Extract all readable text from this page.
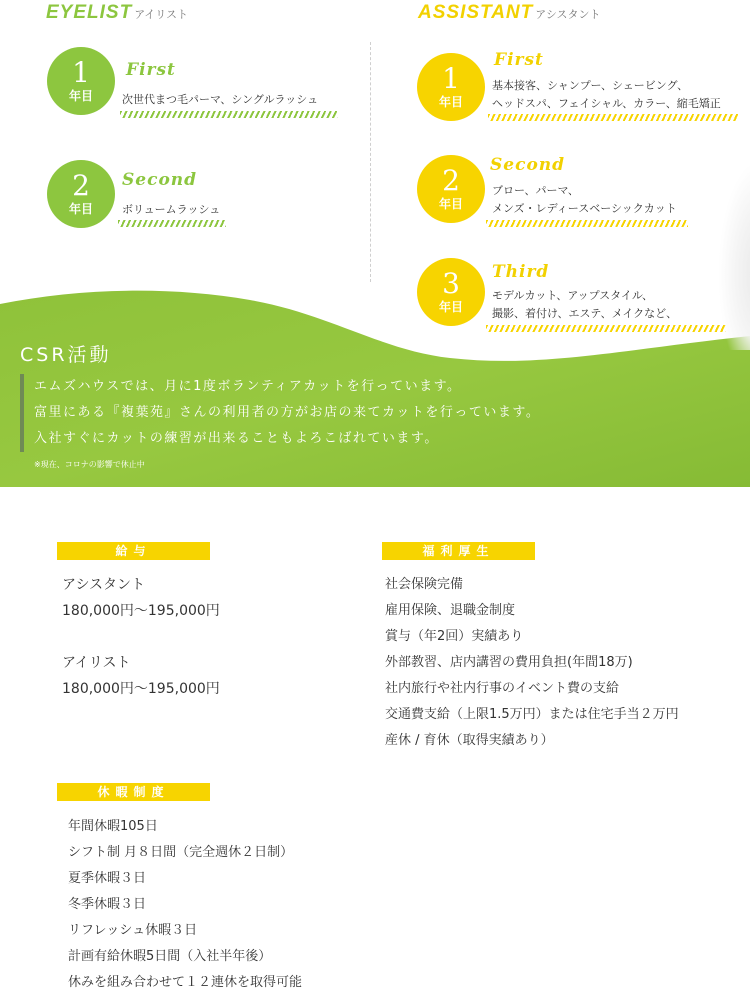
EYELIST アイリスト	ASSISTANT アシスタント
1
年目
First
次世代まつ毛パーマ、シングルラッシュ
2
年目
Second
ボリュームラッシュ
1
年目
First
基本接客、シャンプー、シェービング、
ヘッドスパ、フェイシャル、カラー、縮毛矯正
2
年目
Second
ブロー、パーマ、
メンズ・レディースベーシックカット
3
年目
Third
モデルカット、アップスタイル、
撮影、着付け、エステ、メイクなど、
CSR活動
エムズハウスでは、月に1度ボランティアカットを行っています。
富里にある『複葉苑』さんの利用者の方がお店の来てカットを行っています。
入社すぐにカットの練習が出来ることもよろこばれています。
※現在、コロナの影響で休止中
給与
アシスタント
180,000円～195,000円
アイリスト
180,000円～195,000円
福利厚生
社会保険完備
雇用保険、退職金制度
賞与（年2回）実績あり
外部教習、店内講習の費用負担(年間18万)
社内旅行や社内行事のイベント費の支給
交通費支給（上限1.5万円）または住宅手当２万円
産休 / 育休（取得実績あり）
休暇制度
年間休暇105日
シフト制 月８日間（完全週休２日制）
夏季休暇３日
冬季休暇３日
リフレッシュ休暇３日
計画有給休暇5日間（入社半年後）
休みを組み合わせて１２連休を取得可能
